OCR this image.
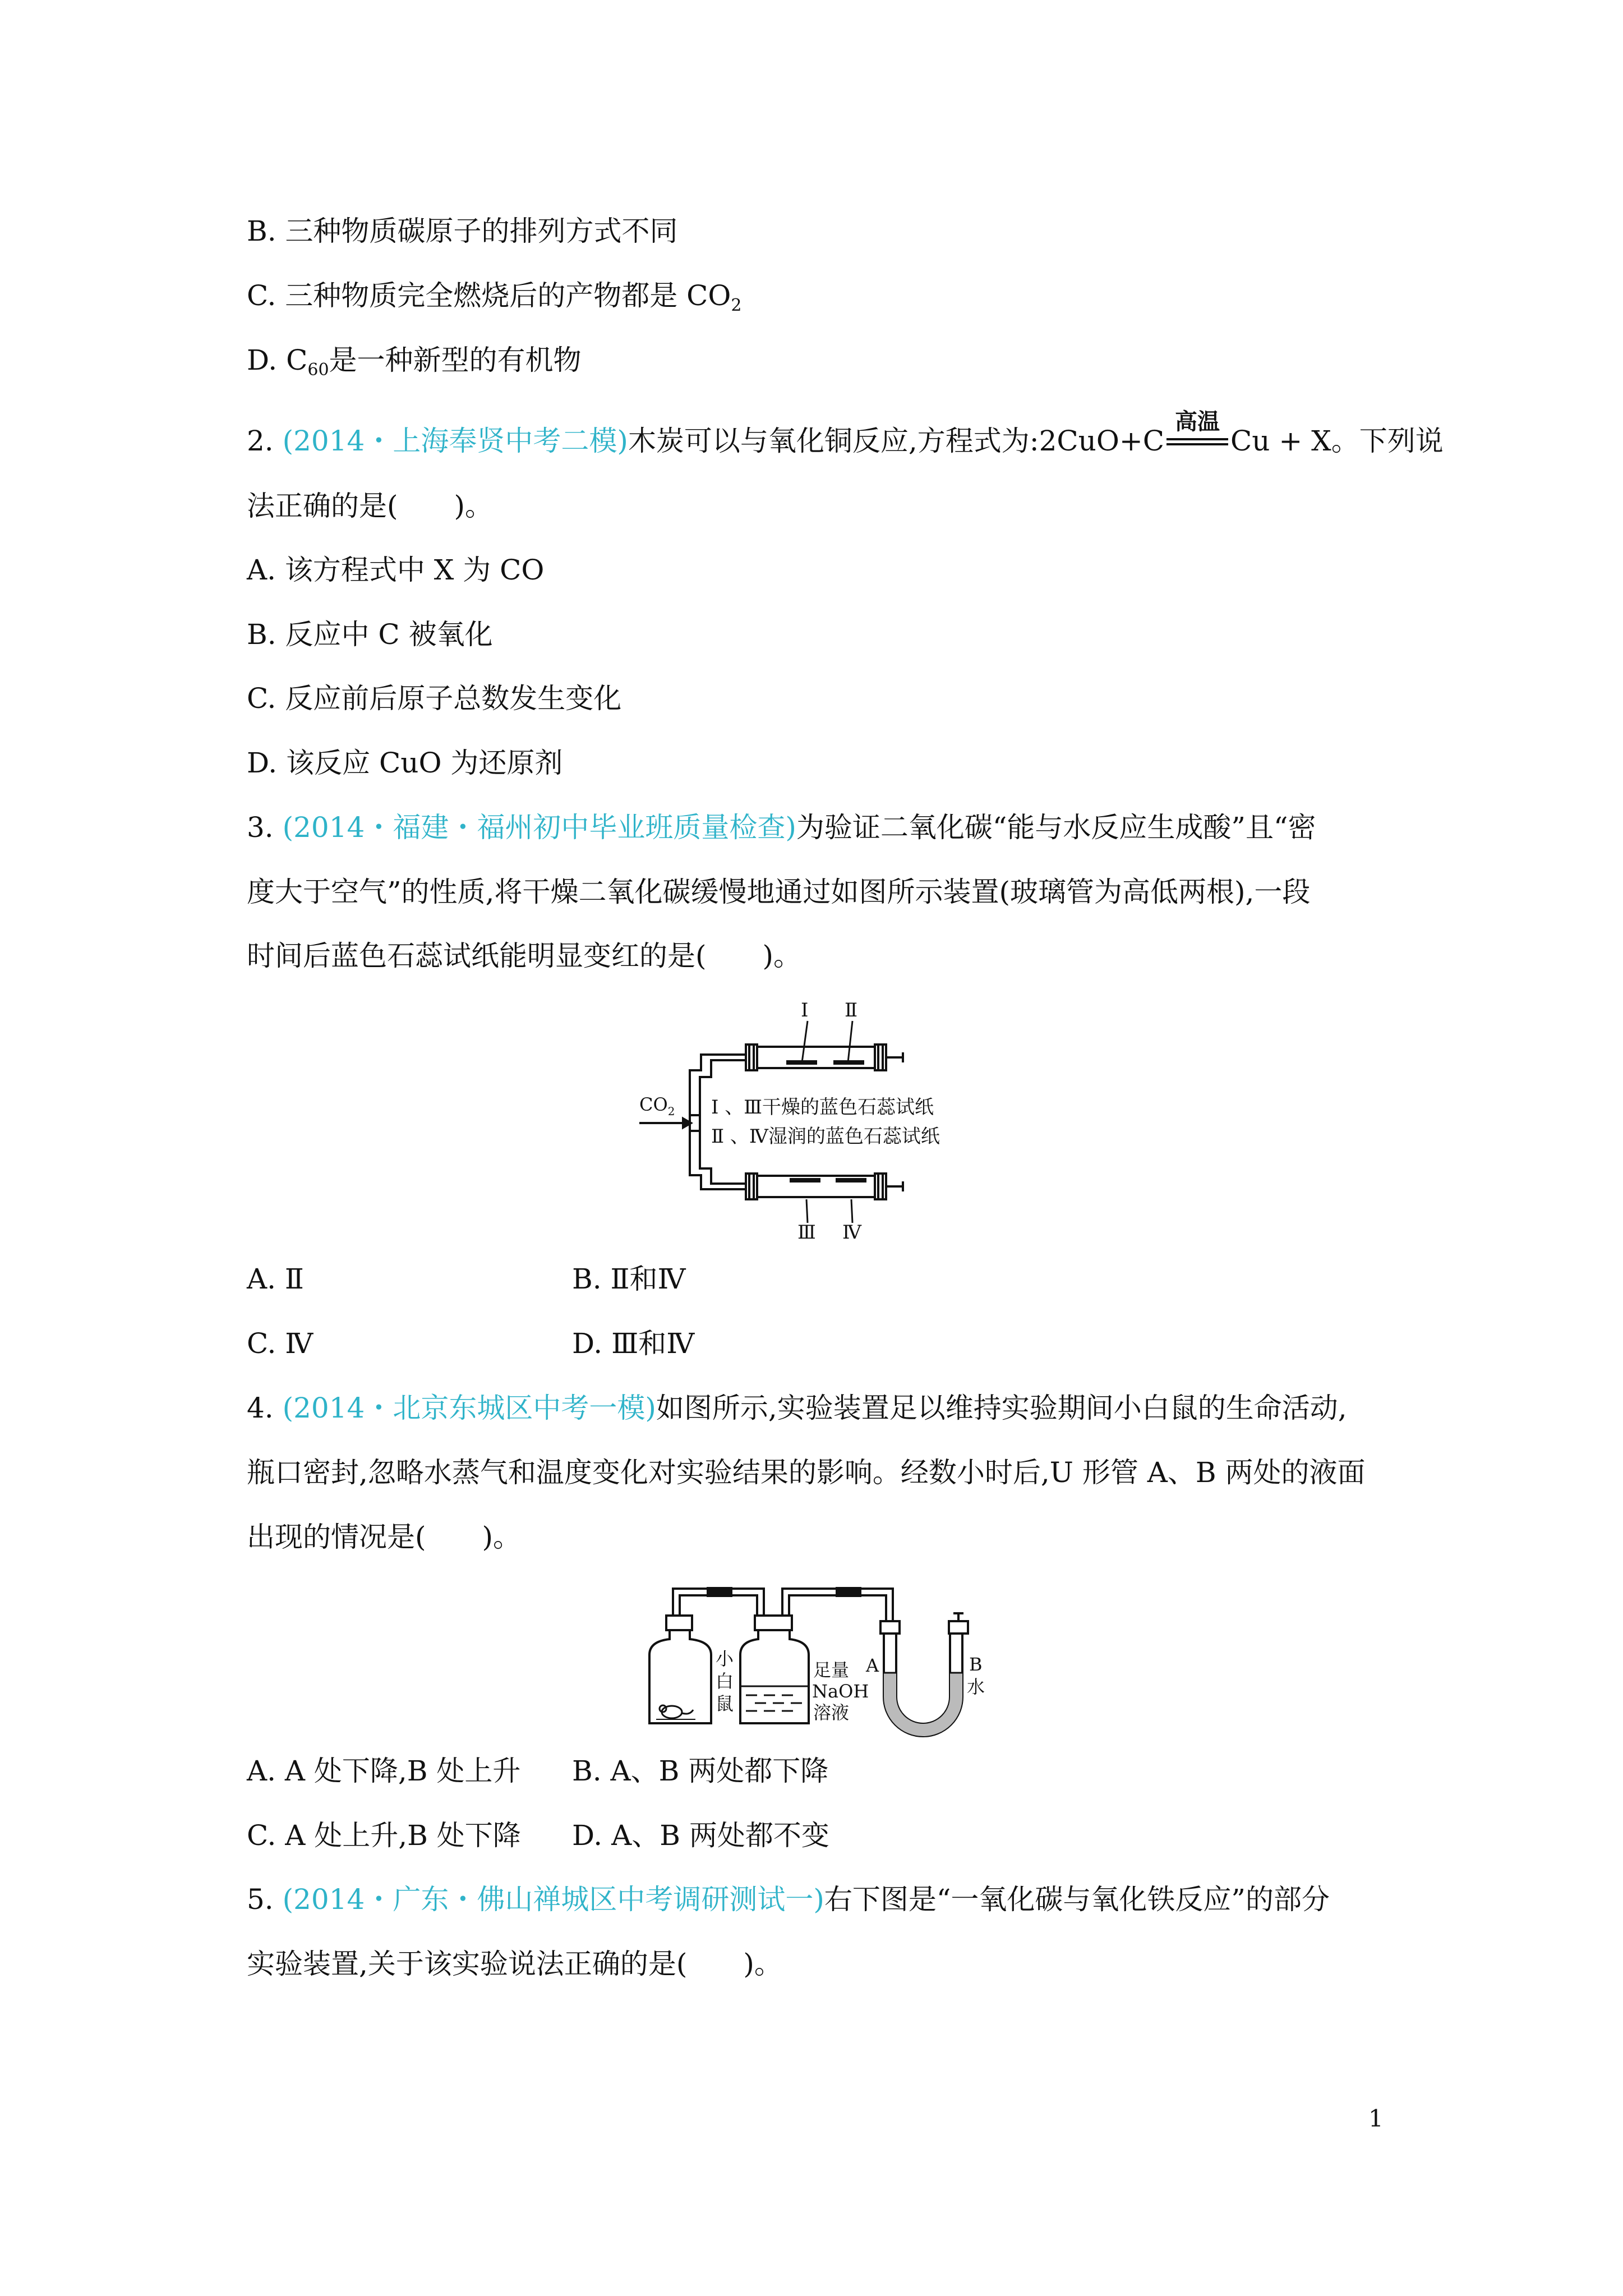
B. 三种物质碳原子的排列方式不同
C. 三种物质完全燃烧后的产物都是 $CO_2$
D. $C_{60}$是一种新型的有机物
2. (2014・上海奉贤中考二模)木炭可以与氧化铜反应,方程式为:2CuO+C
高温
Cu + X。下列说
法正确的是(　　)。
A. 该方程式中 X 为 CO
B. 反应中 C 被氧化
C. 反应前后原子总数发生变化
D. 该反应 CuO 为还原剂
3. (2014・福建・福州初中毕业班质量检查)为验证二氧化碳“能与水反应生成酸”且“密
度大于空气”的性质,将干燥二氧化碳缓慢地通过如图所示装置(玻璃管为高低两根),一段
时间后蓝色石蕊试纸能明显变红的是(　　)。
$CO_2$
Ⅰ Ⅱ
Ⅲ Ⅳ
Ⅰ 、Ⅲ干燥的蓝色石蕊试纸
Ⅱ 、Ⅳ湿润的蓝色石蕊试纸
A. Ⅱ	B. Ⅱ和Ⅳ
C. Ⅳ	D. Ⅲ和Ⅳ
4. (2014・北京东城区中考一模)如图所示,实验装置足以维持实验期间小白鼠的生命活动,
瓶口密封,忽略水蒸气和温度变化对实验结果的影响。经数小时后,U 形管 A、B 两处的液面
出现的情况是(　　)。
小
白
鼠
足量
NaOH
溶液
A	B
水
A. A 处下降,B 处上升 B. A、B 两处都下降
C. A 处上升,B 处下降 D. A、B 两处都不变
5. (2014・广东・佛山禅城区中考调研测试一)右下图是“一氧化碳与氧化铁反应”的部分
实验装置,关于该实验说法正确的是(　　)。
1
